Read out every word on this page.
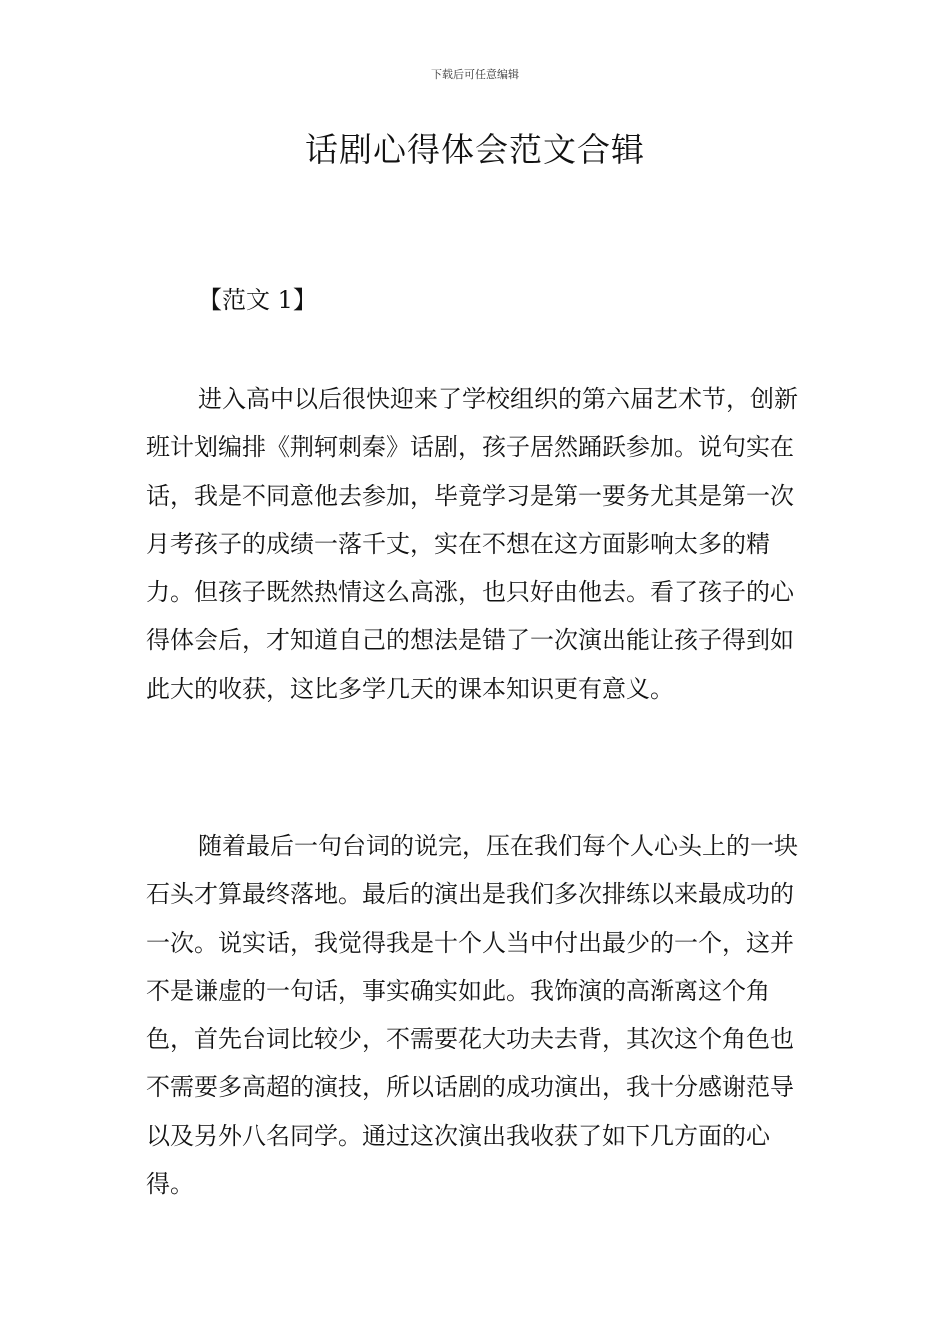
下载后可任意编辑
话剧心得体会范文合辑
【范文 1】

进入高中以后很快迎来了学校组织的第六届艺术节，创新班计划编排《荆轲刺秦》话剧，孩子居然踊跃参加。说句实在话，我是不同意他去参加，毕竟学习是第一要务尤其是第一次月考孩子的成绩一落千丈，实在不想在这方面影响太多的精力。但孩子既然热情这么高涨，也只好由他去。看了孩子的心得体会后，才知道自己的想法是错了一次演出能让孩子得到如此大的收获，这比多学几天的课本知识更有意义。

随着最后一句台词的说完，压在我们每个人心头上的一块石头才算最终落地。最后的演出是我们多次排练以来最成功的一次。说实话，我觉得我是十个人当中付出最少的一个，这并不是谦虚的一句话，事实确实如此。我饰演的高渐离这个角色，首先台词比较少，不需要花大功夫去背，其次这个角色也不需要多高超的演技，所以话剧的成功演出，我十分感谢范导以及另外八名同学。通过这次演出我收获了如下几方面的心得。
